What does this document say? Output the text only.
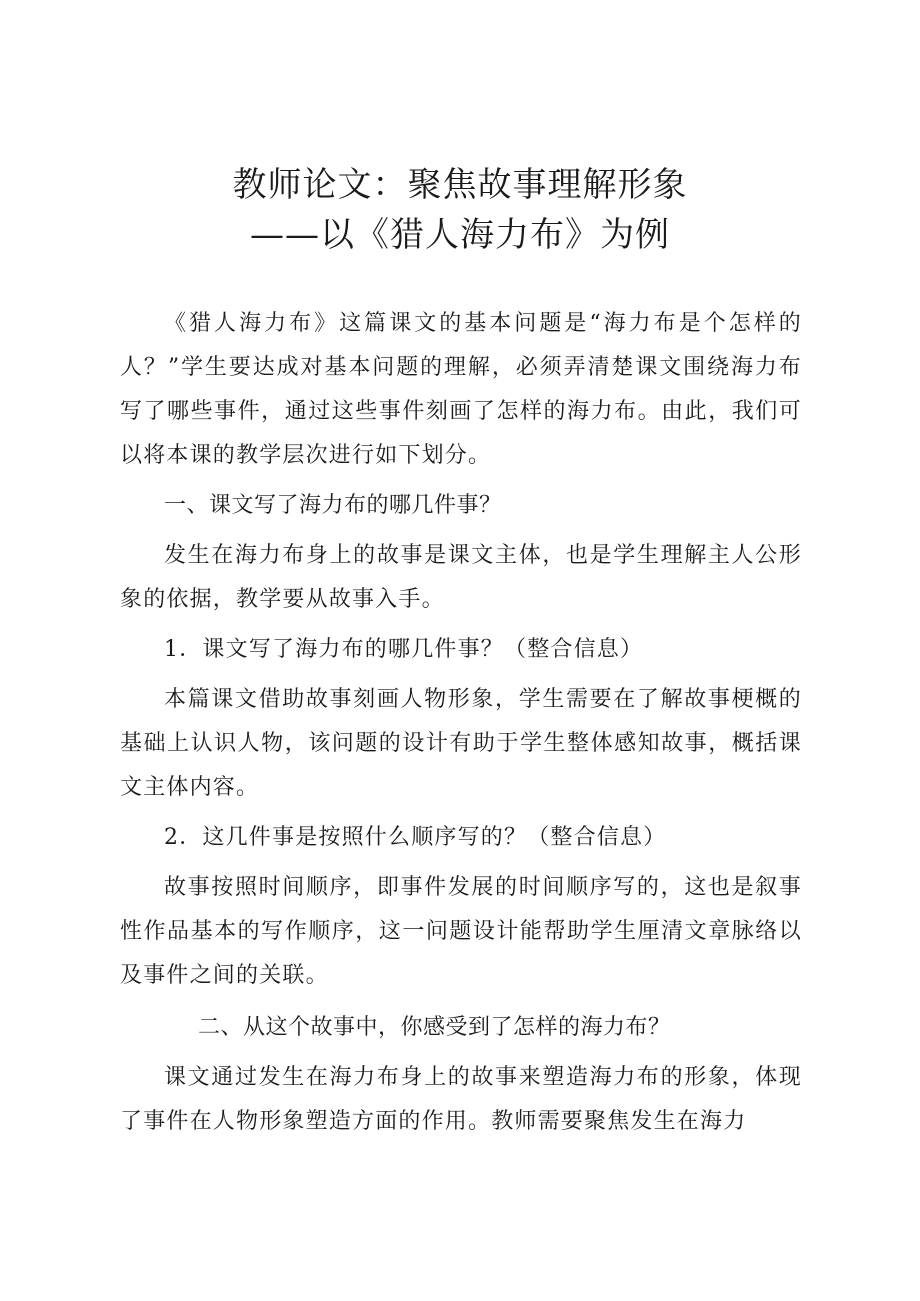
教师论文：聚焦故事理解形象
——以《猎人海力布》为例

《猎人海力布》这篇课文的基本问题是“海力布是个怎样的人？”学生要达成对基本问题的理解，必须弄清楚课文围绕海力布写了哪些事件，通过这些事件刻画了怎样的海力布。由此，我们可以将本课的教学层次进行如下划分。

一、课文写了海力布的哪几件事？

发生在海力布身上的故事是课文主体，也是学生理解主人公形象的依据，教学要从故事入手。

1．课文写了海力布的哪几件事？（整合信息）

本篇课文借助故事刻画人物形象，学生需要在了解故事梗概的基础上认识人物，该问题的设计有助于学生整体感知故事，概括课文主体内容。

2．这几件事是按照什么顺序写的？（整合信息）

故事按照时间顺序，即事件发展的时间顺序写的，这也是叙事性作品基本的写作顺序，这一问题设计能帮助学生厘清文章脉络以及事件之间的关联。

二、从这个故事中，你感受到了怎样的海力布？

课文通过发生在海力布身上的故事来塑造海力布的形象，体现了事件在人物形象塑造方面的作用。教师需要聚焦发生在海力
